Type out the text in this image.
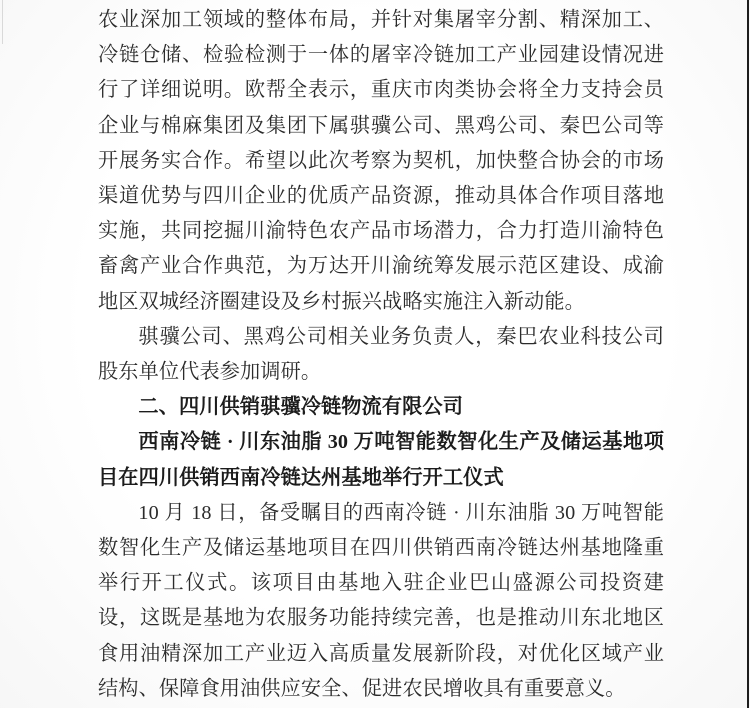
农业深加工领域的整体布局，并针对集屠宰分割、精深加工、冷链仓储、检验检测于一体的屠宰冷链加工产业园建设情况进行了详细说明。欧帮全表示，重庆市肉类协会将全力支持会员企业与棉麻集团及集团下属骐骥公司、黑鸡公司、秦巴公司等开展务实合作。希望以此次考察为契机，加快整合协会的市场渠道优势与四川企业的优质产品资源，推动具体合作项目落地实施，共同挖掘川渝特色农产品市场潜力，合力打造川渝特色畜禽产业合作典范，为万达开川渝统筹发展示范区建设、成渝地区双城经济圈建设及乡村振兴战略实施注入新动能。

骐骥公司、黑鸡公司相关业务负责人，秦巴农业科技公司股东单位代表参加调研。

二、四川供销骐骥冷链物流有限公司

西南冷链 · 川东油脂 30 万吨智能数智化生产及储运基地项目在四川供销西南冷链达州基地举行开工仪式

10 月 18 日，备受瞩目的西南冷链 · 川东油脂 30 万吨智能数智化生产及储运基地项目在四川供销西南冷链达州基地隆重举行开工仪式。该项目由基地入驻企业巴山盛源公司投资建设，这既是基地为农服务功能持续完善，也是推动川东北地区食用油精深加工产业迈入高质量发展新阶段，对优化区域产业结构、保障食用油供应安全、促进农民增收具有重要意义。
